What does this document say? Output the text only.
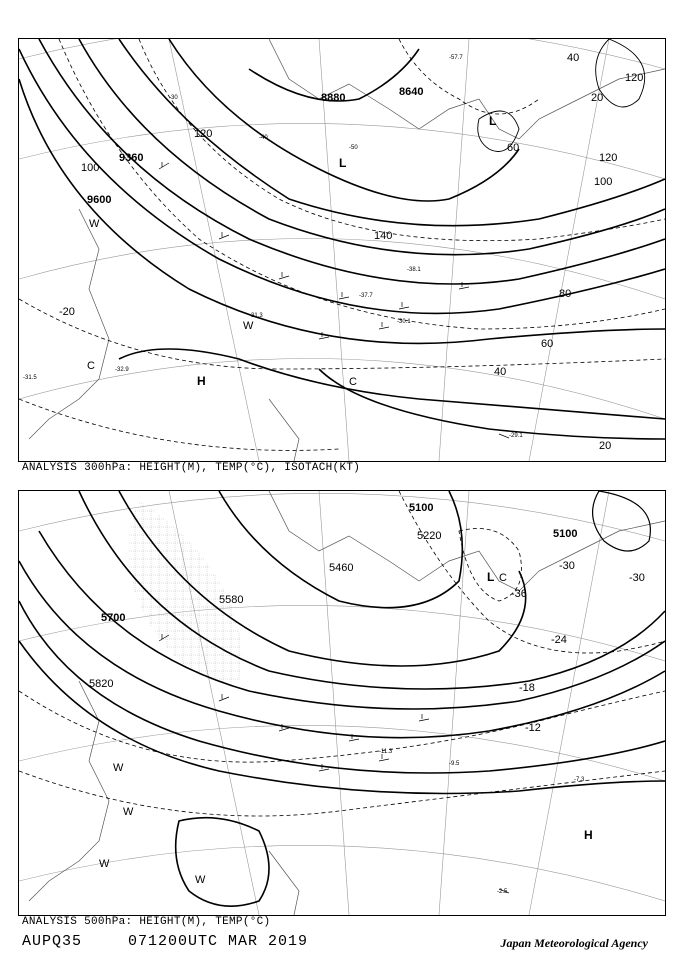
9600
9360
8880	8640
120
100
80
60
40
20
140
120
100
60
40
20
120
-20
-30
-40
-50
-57.7
-38.1
-37.7
-31.3
-30.1
-29.1
-32.9
-31.5
L
L
H
C
C
W
W
ANALYSIS 300hPa: HEIGHT(M), TEMP(°C), ISOTACH(KT)
5700
5820
5580
5220	5100
5460
5100
-36
-30
-24
-18
-12
-30
-2.5
-7.3
-9.5
-11.3
L
H
C
W
W
W
W
ANALYSIS 500hPa: HEIGHT(M), TEMP(°C)
AUPQ35	071200UTC MAR 2019	Japan Meteorological Agency
